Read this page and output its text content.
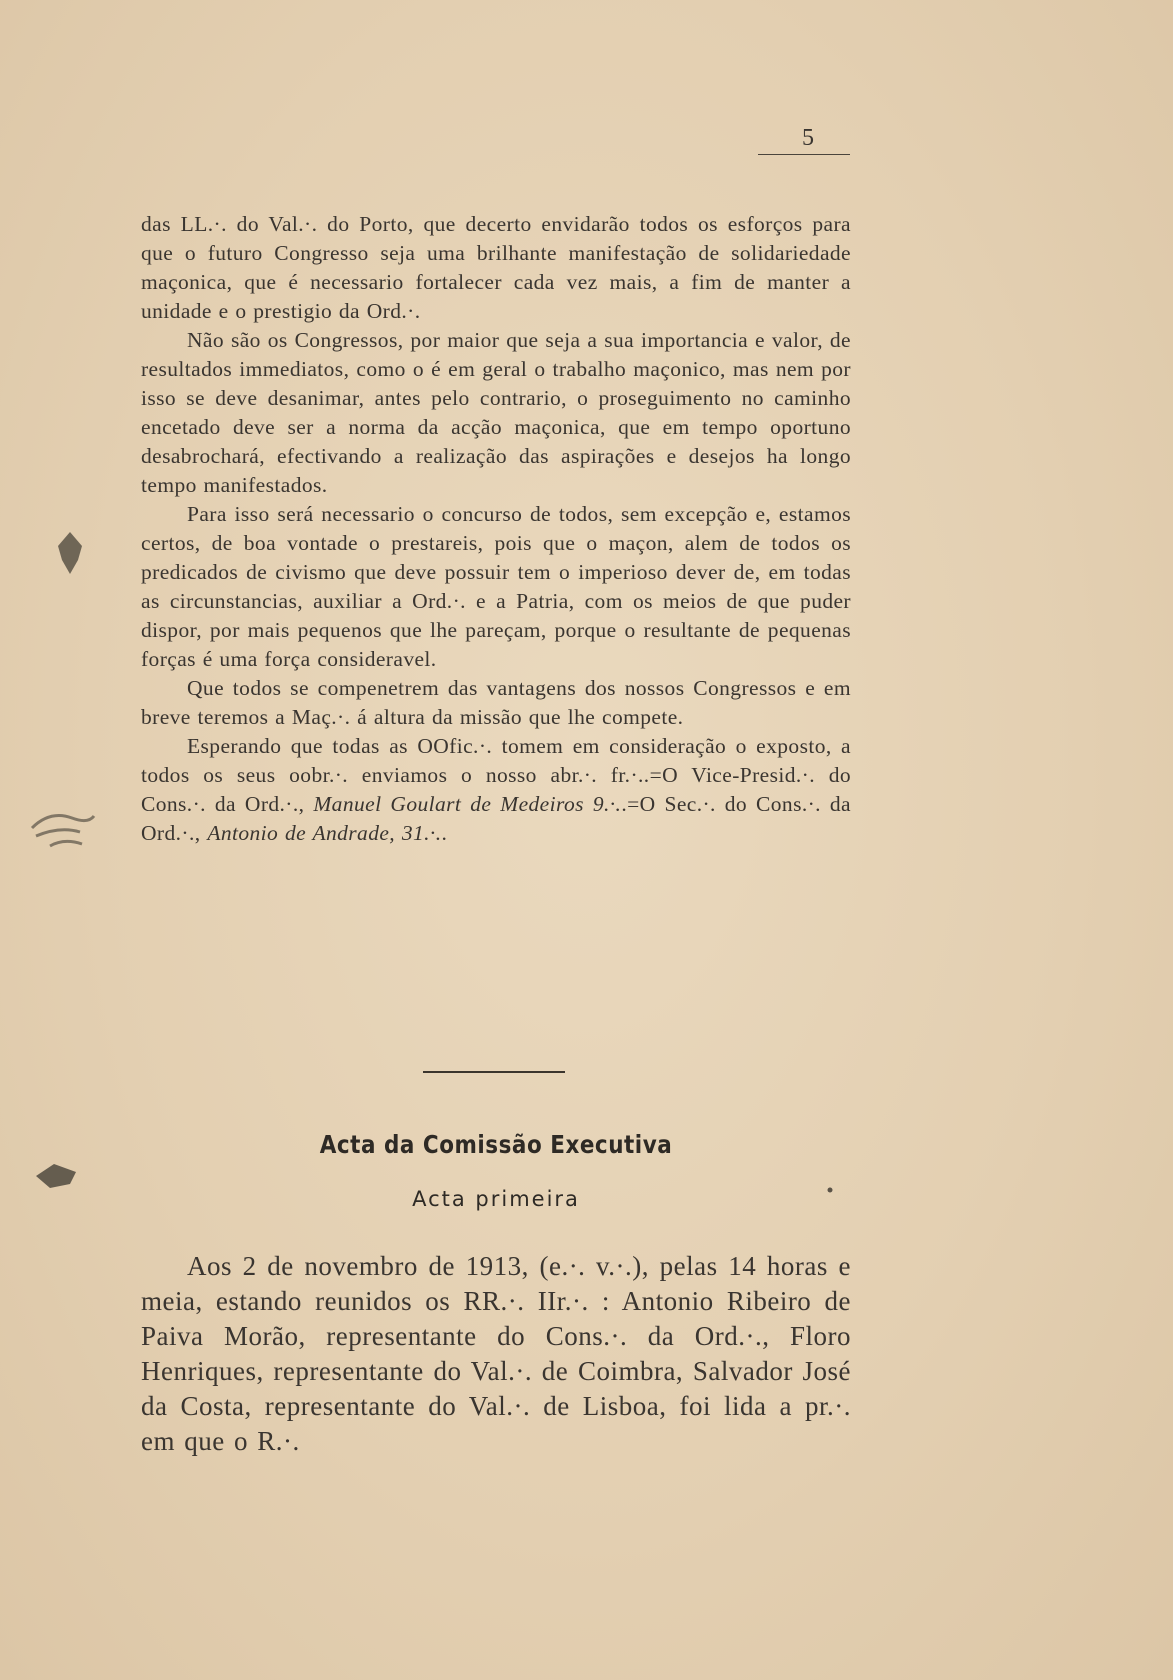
5

das LL.·. do Val.·. do Porto, que decerto envidarão todos os esforços para que o futuro Congresso seja uma brilhante manifestação de solidariedade maçonica, que é necessario fortalecer cada vez mais, a fim de manter a unidade e o prestigio da Ord.·.

Não são os Congressos, por maior que seja a sua importancia e valor, de resultados immediatos, como o é em geral o trabalho maçonico, mas nem por isso se deve desanimar, antes pelo contrario, o proseguimento no caminho encetado deve ser a norma da acção maçonica, que em tempo oportuno desabrochará, efectivando a realização das aspirações e desejos ha longo tempo manifestados.

Para isso será necessario o concurso de todos, sem excepção e, estamos certos, de boa vontade o prestareis, pois que o maçon, alem de todos os predicados de civismo que deve possuir tem o imperioso dever de, em todas as circunstancias, auxiliar a Ord.·. e a Patria, com os meios de que puder dispor, por mais pequenos que lhe pareçam, porque o resultante de pequenas forças é uma força consideravel.

Que todos se compenetrem das vantagens dos nossos Congressos e em breve teremos a Maç.·. á altura da missão que lhe compete.

Esperando que todas as OOfic.·. tomem em consideração o exposto, a todos os seus oobr.·. enviamos o nosso abr.·. fr.·..=O Vice-Presid.·. do Cons.·. da Ord.·., Manuel Goulart de Medeiros 9.·..=O Sec.·. do Cons.·. da Ord.·., Antonio de Andrade, 31.·..

Acta da Comissão Executiva
Acta primeira

Aos 2 de novembro de 1913, (e.·. v.·.), pelas 14 horas e meia, estando reunidos os RR.·. IIr.·. : Antonio Ribeiro de Paiva Morão, representante do Cons.·. da Ord.·., Floro Henriques, representante do Val.·. de Coimbra, Salvador José da Costa, representante do Val.·. de Lisboa, foi lida a pr.·. em que o R.·.
